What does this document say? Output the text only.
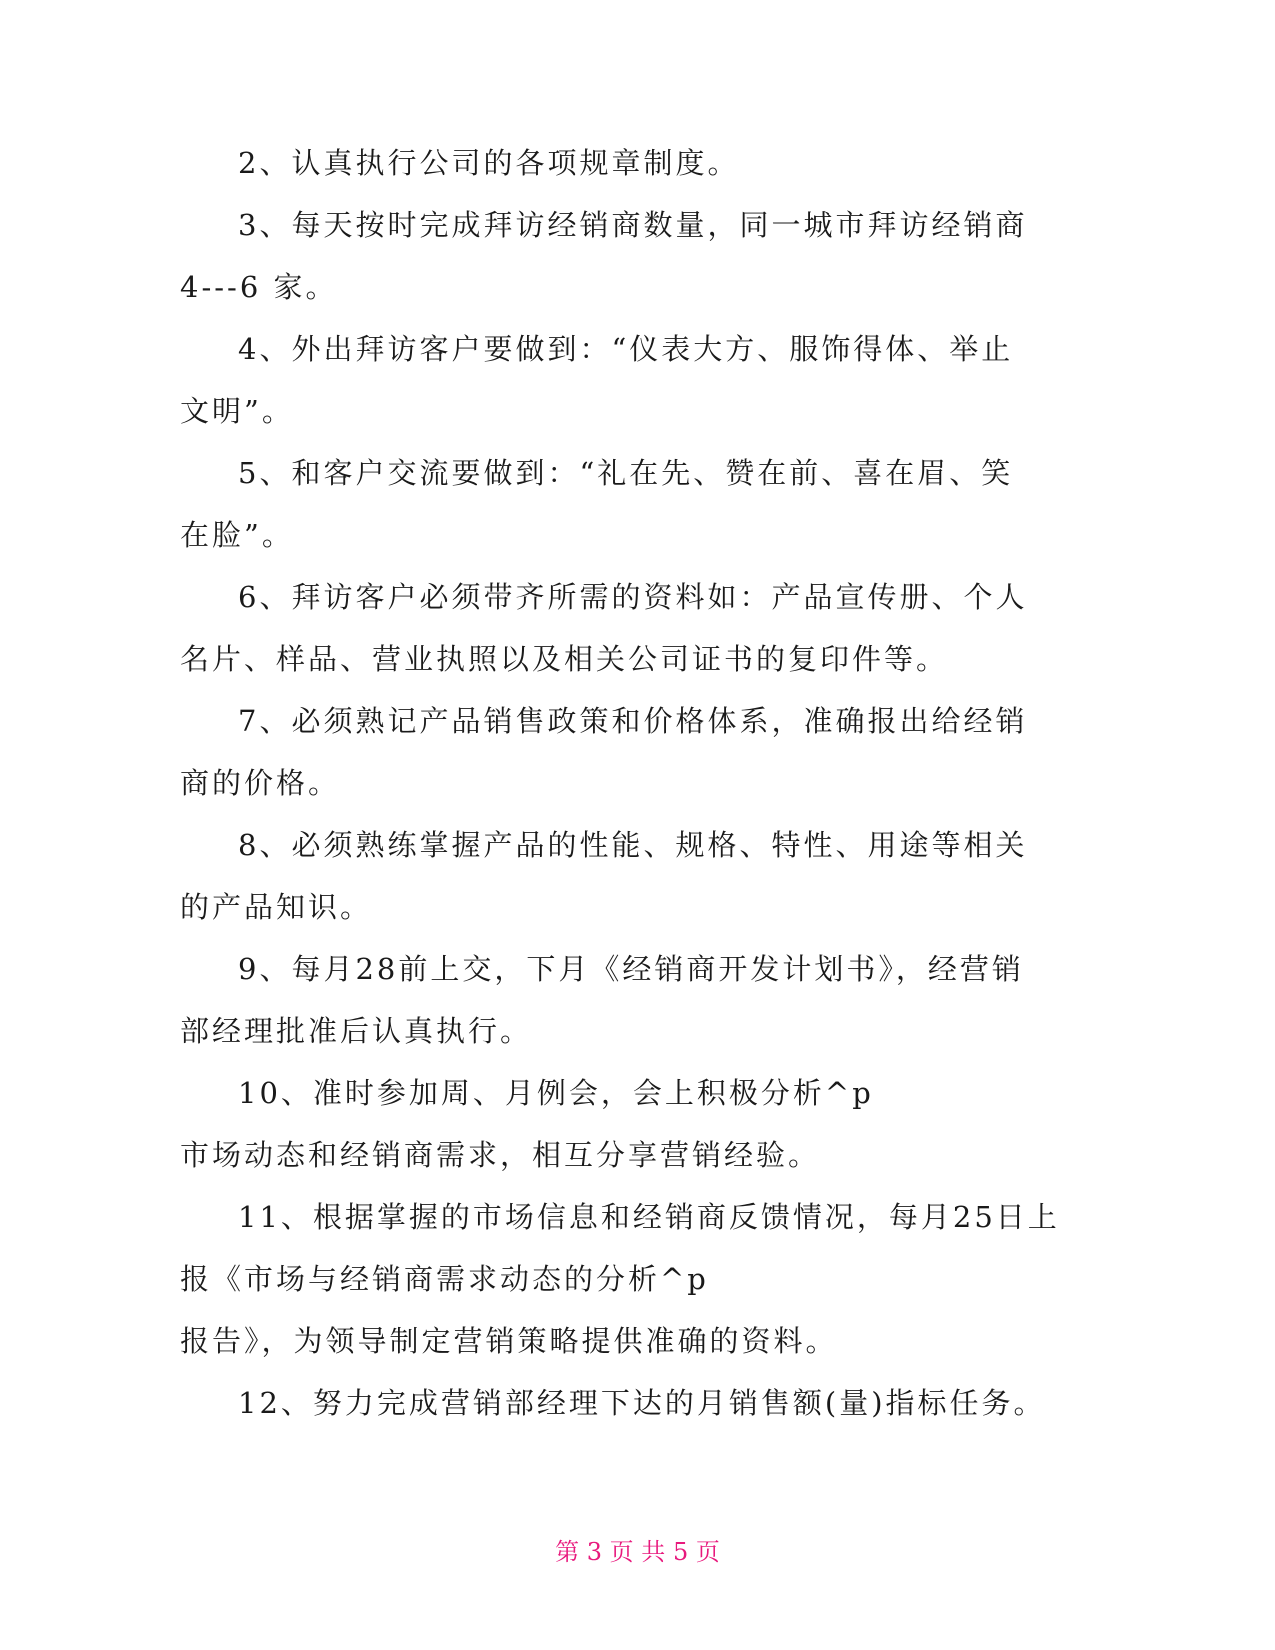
2、认真执行公司的各项规章制度。
3、每天按时完成拜访经销商数量，同一城市拜访经销商
4---6 家。
4、外出拜访客户要做到：“仪表大方、服饰得体、举止
文明”。
5、和客户交流要做到：“礼在先、赞在前、喜在眉、笑
在脸”。
6、拜访客户必须带齐所需的资料如：产品宣传册、个人
名片、样品、营业执照以及相关公司证书的复印件等。
7、必须熟记产品销售政策和价格体系，准确报出给经销
商的价格。
8、必须熟练掌握产品的性能、规格、特性、用途等相关
的产品知识。
9、每月28前上交，下月《经销商开发计划书》，经营销
部经理批准后认真执行。
10、准时参加周、月例会，会上积极分析^p
市场动态和经销商需求，相互分享营销经验。
11、根据掌握的市场信息和经销商反馈情况，每月25日上
报《市场与经销商需求动态的分析^p
报告》，为领导制定营销策略提供准确的资料。
12、努力完成营销部经理下达的月销售额(量)指标任务。
第 3 页 共 5 页
